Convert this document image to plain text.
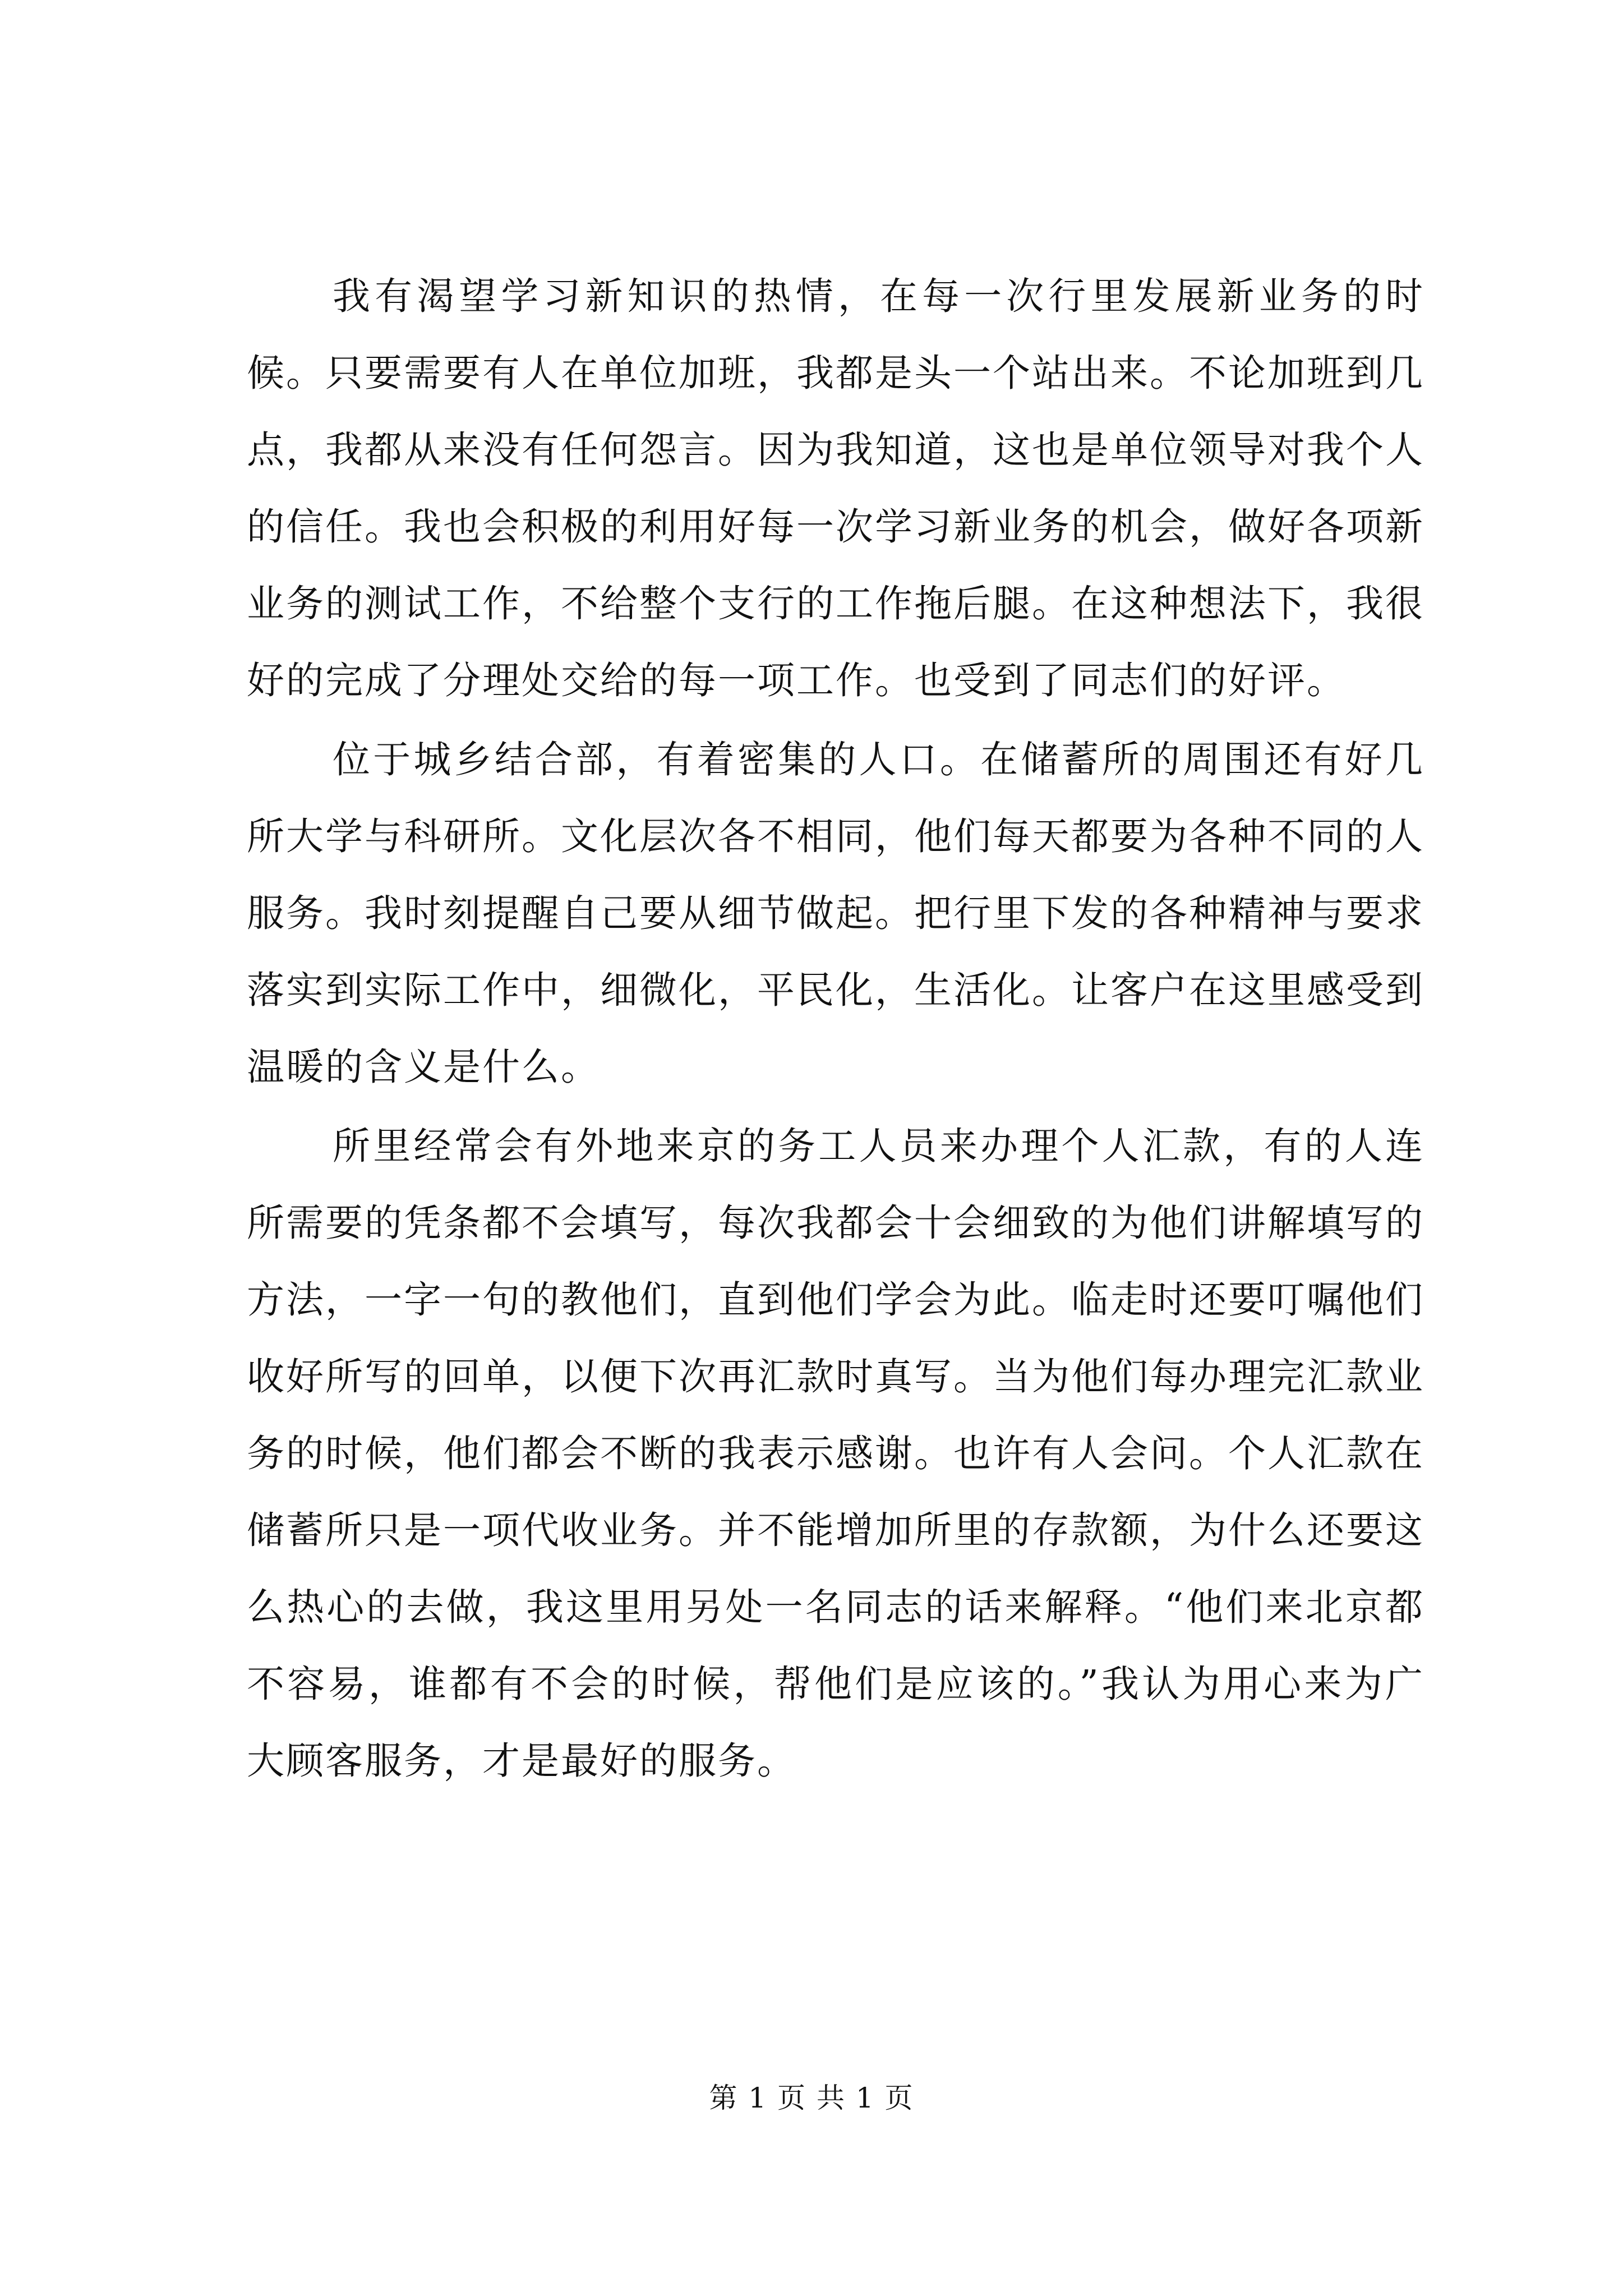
我有渴望学习新知识的热情，在每一次行里发展新业务的时候。只要需要有人在单位加班，我都是头一个站出来。不论加班到几点，我都从来没有任何怨言。因为我知道，这也是单位领导对我个人的信任。我也会积极的利用好每一次学习新业务的机会，做好各项新业务的测试工作，不给整个支行的工作拖后腿。在这种想法下，我很好的完成了分理处交给的每一项工作。也受到了同志们的好评。

位于城乡结合部，有着密集的人口。在储蓄所的周围还有好几所大学与科研所。文化层次各不相同，他们每天都要为各种不同的人服务。我时刻提醒自己要从细节做起。把行里下发的各种精神与要求落实到实际工作中，细微化，平民化，生活化。让客户在这里感受到温暖的含义是什么。

所里经常会有外地来京的务工人员来办理个人汇款，有的人连所需要的凭条都不会填写，每次我都会十会细致的为他们讲解填写的方法，一字一句的教他们，直到他们学会为此。临走时还要叮嘱他们收好所写的回单，以便下次再汇款时真写。当为他们每办理完汇款业务的时候，他们都会不断的我表示感谢。也许有人会问。个人汇款在储蓄所只是一项代收业务。并不能增加所里的存款额，为什么还要这么热心的去做，我这里用另处一名同志的话来解释。“他们来北京都不容易，谁都有不会的时候，帮他们是应该的。”我认为用心来为广大顾客服务，才是最好的服务。

第 1 页 共 1 页
